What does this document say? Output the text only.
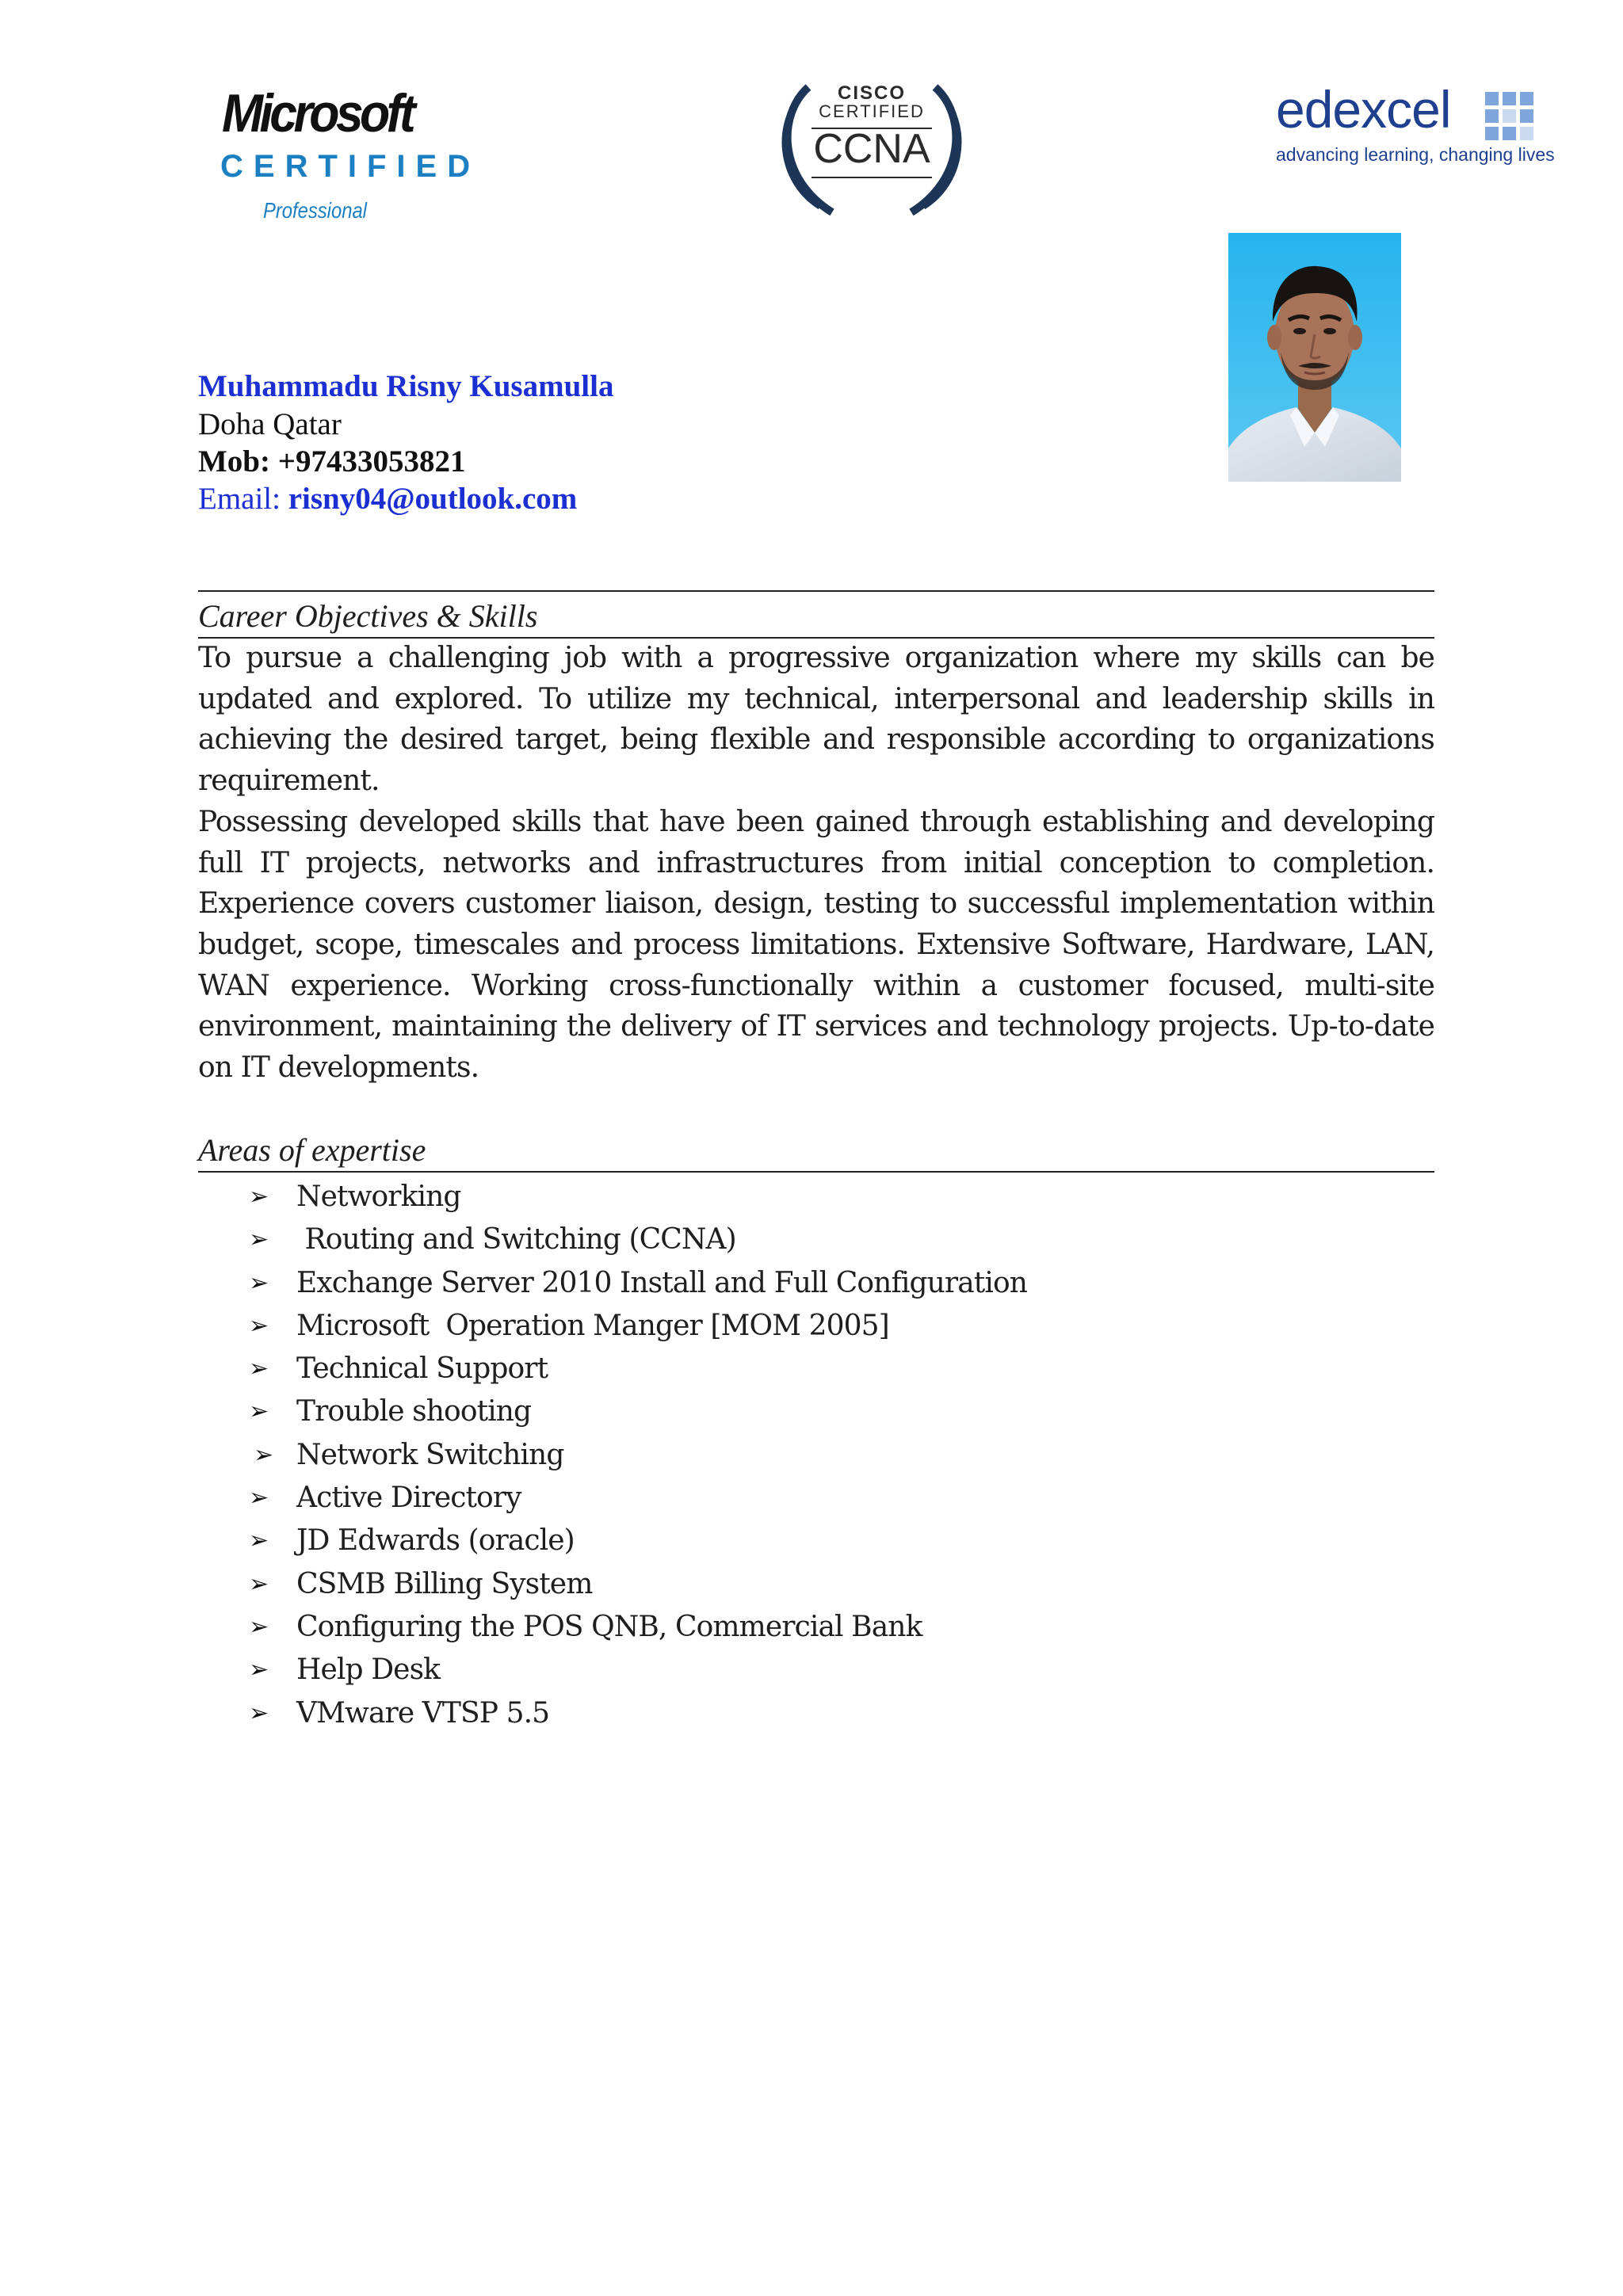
Microsoft
CERTIFIED
Professional
CISCO
CERTIFIED
CCNA
edexcel
advancing learning, changing lives
Muhammadu Risny Kusamulla
Doha Qatar
Mob: +97433053821
Email: risny04@outlook.com
Career Objectives & Skills

To pursue a challenging job with a progressive organization where my skills can be updated and explored. To utilize my technical, interpersonal and leadership skills in achieving the desired target, being flexible and responsible according to organizations requirement.

Possessing developed skills that have been gained through establishing and developing full IT projects, networks and infrastructures from initial conception to completion. Experience covers customer liaison, design, testing to successful implementation within budget, scope, timescales and process limitations. Extensive Software, Hardware, LAN, WAN experience. Working cross-functionally within a customer focused, multi-site environment, maintaining the delivery of IT services and technology projects. Up-to-date on IT developments.

Areas of expertise
➢ Networking
➢ Routing and Switching (CCNA)
➢ Exchange Server 2010 Install and Full Configuration
➢ Microsoft  Operation Manger [MOM 2005]
➢ Technical Support
➢ Trouble shooting
➢ Network Switching
➢ Active Directory
➢ JD Edwards (oracle)
➢ CSMB Billing System
➢ Configuring the POS QNB, Commercial Bank
➢ Help Desk
➢ VMware VTSP 5.5
